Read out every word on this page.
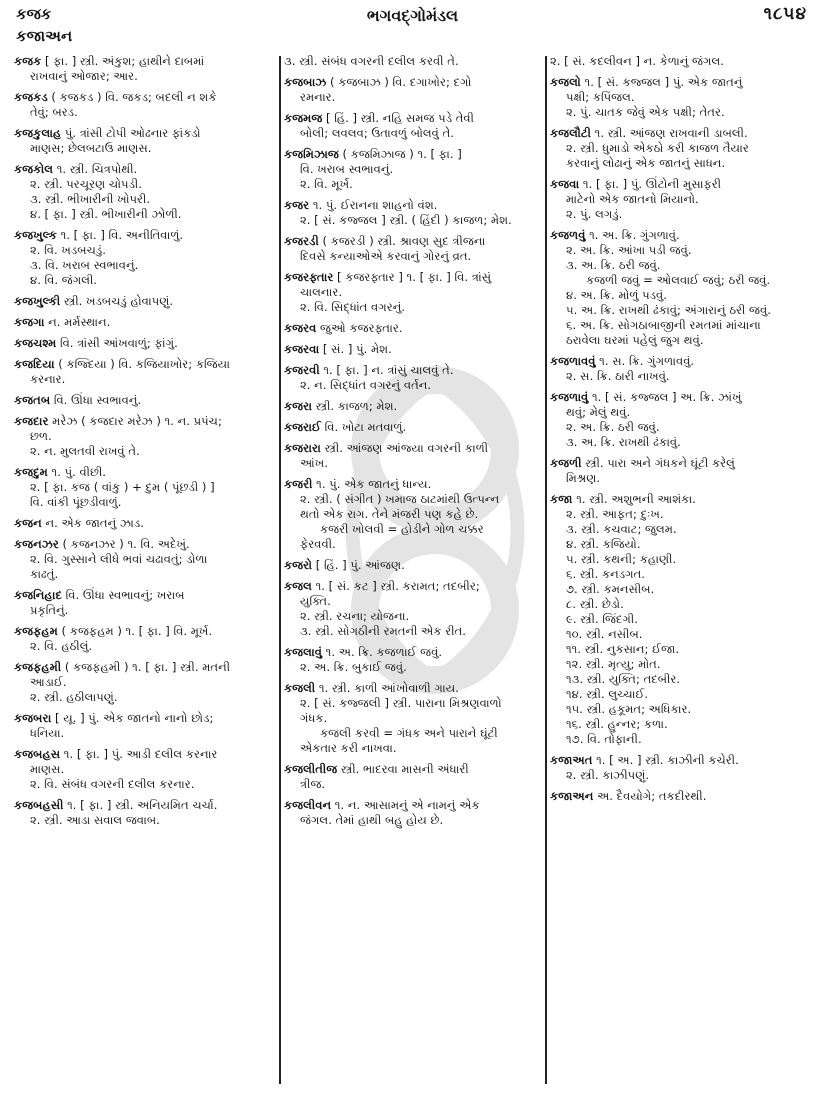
કજક
કજાઅન
ભગવદ્ગોમંડલ	૧૮૫૪
કજક [ ફા. ] સ્ત્રી. અંકુશ; હાથીને દાબમાં
રાખવાનું ઓજાર; આર.
કજકડ ( કજકડ ) વિ. જકડ; બદલી ન શકે
તેવું; બરડ.
કજકુલાહ પું. ત્રાંસી ટોપી ઓઢનાર ફાંકડો
માણસ; છેલબટાઉ માણસ.
કજકોલ ૧. સ્ત્રી. ચિત્રપોથી.
૨. સ્ત્રી. પરચૂરણ ચોપડી.
૩. સ્ત્રી. ભીખારીની ખોપરી.
૪. [ ફા. ] સ્ત્રી. ભીખારીની ઝોળી.
કજખુલ્ક ૧. [ ફા. ] વિ. અનીતિવાળું.
૨. વિ. ખડબચડું.
૩. વિ. ખરાબ સ્વભાવનું.
૪. વિ. જંગલી.
કજખુલ્કી સ્ત્રી. ખડબચડું હોવાપણું.
કજગા ન. મર્મસ્થાન.
કજચશ્મ વિ. ત્રાંસી આંખવાળું; ફાંગું.
કજદિયા ( કજ્દિયા ) વિ. કજિયાખોર; કજિયા
કરનાર.
કજતબ વિ. ઊંધા સ્વભાવનું.
કજદાર મરેઝ ( કજદાર મરેઝ ) ૧. ન. પ્રપંચ;
છળ.
૨. ન. મુલતવી રાખવું તે.
કજદુમ ૧. પું. વીછી.
૨. [ ફા. કજ ( વાંકુ ) + દુમ ( પૂંછડી ) ]
વિ. વાંકી પૂંછડીવાળું.
કજન ન. એક જાતનું ઝાડ.
કજનઝર ( કજનઝર ) ૧. વિ. અદેખું.
૨. વિ. ગુસ્સાને લીધે ભવાં ચઢાવતું; ડોળા
કાઢતું.
કજનિહાદ વિ. ઊંધા સ્વભાવનું; ખરાબ
પ્રકૃતિનું.
કજફહમ ( કજફહમ ) ૧. [ ફા. ] વિ. મૂર્ખ.
૨. વિ. હઠીલું.
કજફહમી ( કજફહમી ) ૧. [ ફા. ] સ્ત્રી. મતની
આડાઈ.
૨. સ્ત્રી. હઠીલાપણું.
કજબરા [ યૂ. ] પું. એક જાતનો નાનો છોડ;
ધનિયા.
કજબહસ ૧. [ ફા. ] પું. આડી દલીલ કરનાર
માણસ.
૨. વિ. સંબંધ વગરની દલીલ કરનાર.
કજબહસી ૧. [ ફા. ] સ્ત્રી. અનિયમિત ચર્ચા.
૨. સ્ત્રી. આડા સવાલ જવાબ.
૩. સ્ત્રી. સંબંધ વગરની દલીલ કરવી તે.
કજબાઝ ( કજબાઝ ) વિ. દગાખોર; દગો
રમનાર.
કજમજ [ હિં. ] સ્ત્રી. નહિ સમજ પડે તેવી
બોલી; લવલવ; ઉતાવળું બોલવું તે.
કજમિઝાજ ( કજમિઝાજ ) ૧. [ ફા. ]
વિ. ખરાબ સ્વભાવનું.
૨. વિ. મૂર્ખ.
કજર ૧. પું. ઈરાનના શાહનો વંશ.
૨. [ સં. કજ્જલ ] સ્ત્રી. ( હિંદી ) કાજળ; મેશ.
કજરડી ( કજરડી ) સ્ત્રી. શ્રાવણ સુદ ત્રીજના
દિવસે કન્યાઓએ કરવાનું ગોરનું વ્રત.
કજરફ્તાર [ કજરફ્તાર ] ૧. [ ફા. ] વિ. ત્રાંસું
ચાલનાર.
૨. વિ. સિદ્ધાંત વગરનું.
કજરવ જુઓ કજરફ્તાર.
કજરવા [ સં. ] પું. મેશ.
કજરવી ૧. [ ફા. ] ન. ત્રાંસું ચાલવું તે.
૨. ન. સિદ્ધાંત વગરનું વર્તન.
કજરા સ્ત્રી. કાજળ; મેશ.
કજરાઈ વિ. ખોટા મતવાળું.
કજરારા સ્ત્રી. આંજણ આંજ્યા વગરની કાળી
આંખ.
કજરી ૧. પું. એક જાતનું ધાન્ય.
૨. સ્ત્રી. ( સંગીત ) ખમાજ ઠાટમાંથી ઉત્પન્ન
થતો એક રાગ. તેને મંજરી પણ કહે છે.
કજરી ખોલવી = હોડીને ગોળ ચક્કર
ફેરવવી.
કજરો [ હિં. ] પું. આંજણ.
કજલ ૧. [ સં. કટ ] સ્ત્રી. કરામત; તદબીર;
યુક્તિ.
૨. સ્ત્રી. રચના; યોજના.
૩. સ્ત્રી. સોગઠીની રમતની એક રીત.
કજલાવું ૧. અ. ક્રિ. કજળાઈ જવું.
૨. અ. ક્રિ. બુકાઈ જવું.
કજલી ૧. સ્ત્રી. કાળી આંખોવાળી ગાય.
૨. [ સં. કજ્જલી ] સ્ત્રી. પારાના મિશ્રણવાળો
ગંધક.
કજલી કરવી = ગંધક અને પારાને ઘૂંટી
એકતાર કરી નાખવા.
કજલીતીજ સ્ત્રી. ભાદરવા માસની અંધારી
ત્રીજ.
કજલીવન ૧. ન. આસામનું એ નામનું એક
જંગલ. તેમાં હાથી બહુ હોય છે.
૨. [ સં. કદલીવન ] ન. કેળાનું જંગલ.
કજલો ૧. [ સં. કજ્જલ ] પું. એક જાતનું
પક્ષી; કપિંજલ.
૨. પું. ચાતક જેવું એક પક્ષી; તેતર.
કજલૌટી ૧. સ્ત્રી. આંજણ રાખવાની ડાબલી.
૨. સ્ત્રી. ધુમાડો એકઠો કરી કાજળ તૈયાર
કરવાનું લોઢાનું એક જાતનું સાધન.
કજવા ૧. [ ફા. ] પું. ઊંટોની મુસાફરી
માટેનો એક જાતનો મિયાનો.
૨. પું. લગડું.
કજળવું ૧. અ. ક્રિ. ગુંગળાવું.
૨. અ. ક્રિ. આંખા પડી જવું.
૩. અ. ક્રિ. ઠરી જવું.
કજળી જવું = ઓલવાઈ જવું; ઠરી જવું.
૪. અ. ક્રિ. મોળું પડવું.
૫. અ. ક્રિ. રાખથી ઢંકાવું; અંગારાનું ઠરી જવું.
૬. અ. ક્રિ. સોગઠાબાજીની રમતમાં માંચાના
ઠરાવેલા ઘરમાં પહેલું જુગ થવું.
કજળાવવું ૧. સ. ક્રિ. ગુંગળાવવું.
૨. સ. ક્રિ. ઠારી નાખવું.
કજળાવું ૧. [ સં. કજ્જલ ] અ. ક્રિ. ઝાંખું
થવું; મેલું થવું.
૨. અ. ક્રિ. ઠરી જવું.
૩. અ. ક્રિ. રાખથી ઢંકાવું.
કજળી સ્ત્રી. પારા અને ગંધકને ઘૂંટી કરેલું
મિશ્રણ.
કજા ૧. સ્ત્રી. અશુભની આશંકા.
૨. સ્ત્રી. આફત; દુઃખ.
૩. સ્ત્રી. કચવાટ; જુલમ.
૪. સ્ત્રી. કજિયો.
૫. સ્ત્રી. કથની; કહાણી.
૬. સ્ત્રી. કનડગત.
૭. સ્ત્રી. કમનસીબ.
૮. સ્ત્રી. છેડો.
૯. સ્ત્રી. જિંદગી.
૧૦. સ્ત્રી. નસીબ.
૧૧. સ્ત્રી. નુકસાન; ઈજા.
૧૨. સ્ત્રી. મૃત્યુ; મોત.
૧૩. સ્ત્રી. યુક્તિ; તદબીર.
૧૪. સ્ત્રી. લુચ્ચાઈ.
૧૫. સ્ત્રી. હકૂમત; અધિકાર.
૧૬. સ્ત્રી. હુન્નર; કળા.
૧૭. વિ. તોફાની.
કજાઅત ૧. [ અ. ] સ્ત્રી. કાઝીની કચેરી.
૨. સ્ત્રી. કાઝીપણું.
કજાઅન અ. દૈવયોગે; તકદીરથી.
